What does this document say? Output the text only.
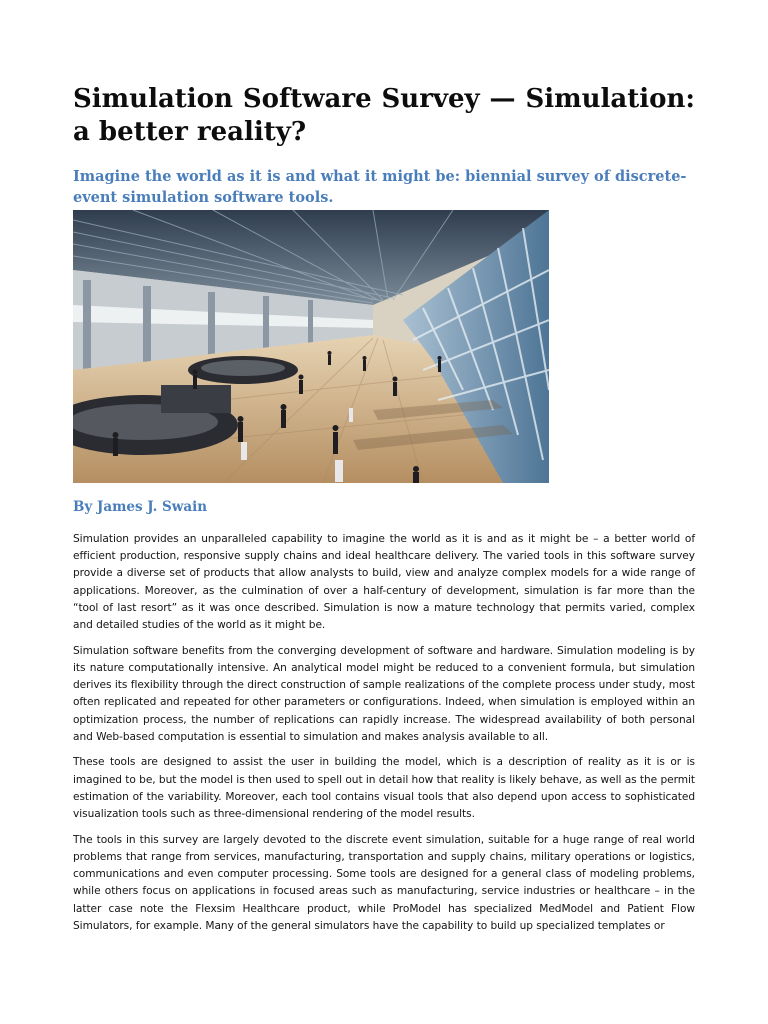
Simulation Software Survey — Simulation: a better reality?
Imagine the world as it is and what it might be: biennial survey of discrete-event simulation software tools.
By James J. Swain

Simulation provides an unparalleled capability to imagine the world as it is and as it might be – a better world of efficient production, responsive supply chains and ideal healthcare delivery. The varied tools in this software survey provide a diverse set of products that allow analysts to build, view and analyze complex models for a wide range of applications. Moreover, as the culmination of over a half-century of development, simulation is far more than the “tool of last resort” as it was once described. Simulation is now a mature technology that permits varied, complex and detailed studies of the world as it might be.

Simulation software benefits from the converging development of software and hardware. Simulation modeling is by its nature computationally intensive. An analytical model might be reduced to a convenient formula, but simulation derives its flexibility through the direct construction of sample realizations of the complete process under study, most often replicated and repeated for other parameters or configurations. Indeed, when simulation is employed within an optimization process, the number of replications can rapidly increase. The widespread availability of both personal and Web-based computation is essential to simulation and makes analysis available to all.

These tools are designed to assist the user in building the model, which is a description of reality as it is or is imagined to be, but the model is then used to spell out in detail how that reality is likely behave, as well as the permit estimation of the variability. Moreover, each tool contains visual tools that also depend upon access to sophisticated visualization tools such as three-dimensional rendering of the model results.

The tools in this survey are largely devoted to the discrete event simulation, suitable for a huge range of real world problems that range from services, manufacturing, transportation and supply chains, military operations or logistics, communications and even computer processing. Some tools are designed for a general class of modeling problems, while others focus on applications in focused areas such as manufacturing, service industries or healthcare – in the latter case note the Flexsim Healthcare product, while ProModel has specialized MedModel and Patient Flow Simulators, for example. Many of the general simulators have the capability to build up specialized templates or
